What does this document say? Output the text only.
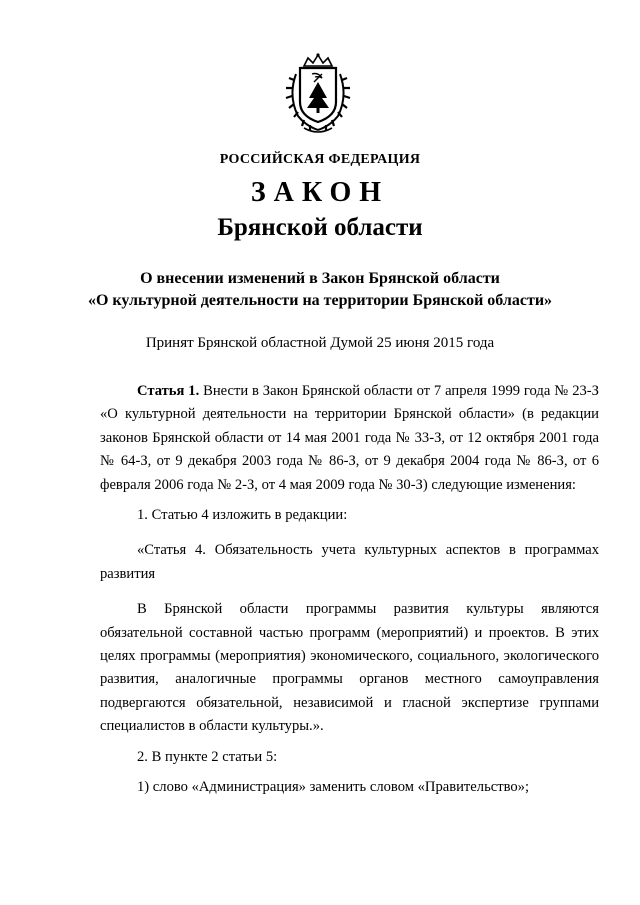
РОССИЙСКАЯ ФЕДЕРАЦИЯ
ЗАКОН
Брянской области
О внесении изменений в Закон Брянской области
«О культурной деятельности на территории Брянской области»
Принят Брянской областной Думой 25 июня 2015 года

Статья 1. Внести в Закон Брянской области от 7 апреля 1999 года № 23-З «О культурной деятельности на территории Брянской области» (в редакции законов Брянской области от 14 мая 2001 года № 33-З, от 12 октября 2001 года № 64-З, от 9 декабря 2003 года № 86-З, от 9 декабря 2004 года № 86-З, от 6 февраля 2006 года № 2-З, от 4 мая 2009 года № 30-З) следующие изменения:

1. Статью 4 изложить в редакции:

«Статья 4. Обязательность учета культурных аспектов в программах развития

В Брянской области программы развития культуры являются обязательной составной частью программ (мероприятий) и проектов. В этих целях программы (мероприятия) экономического, социального, экологического развития, аналогичные программы органов местного самоуправления подвергаются обязательной, независимой и гласной экспертизе группами специалистов в области культуры.».

2. В пункте 2 статьи 5:

1) слово «Администрация» заменить словом «Правительство»;
